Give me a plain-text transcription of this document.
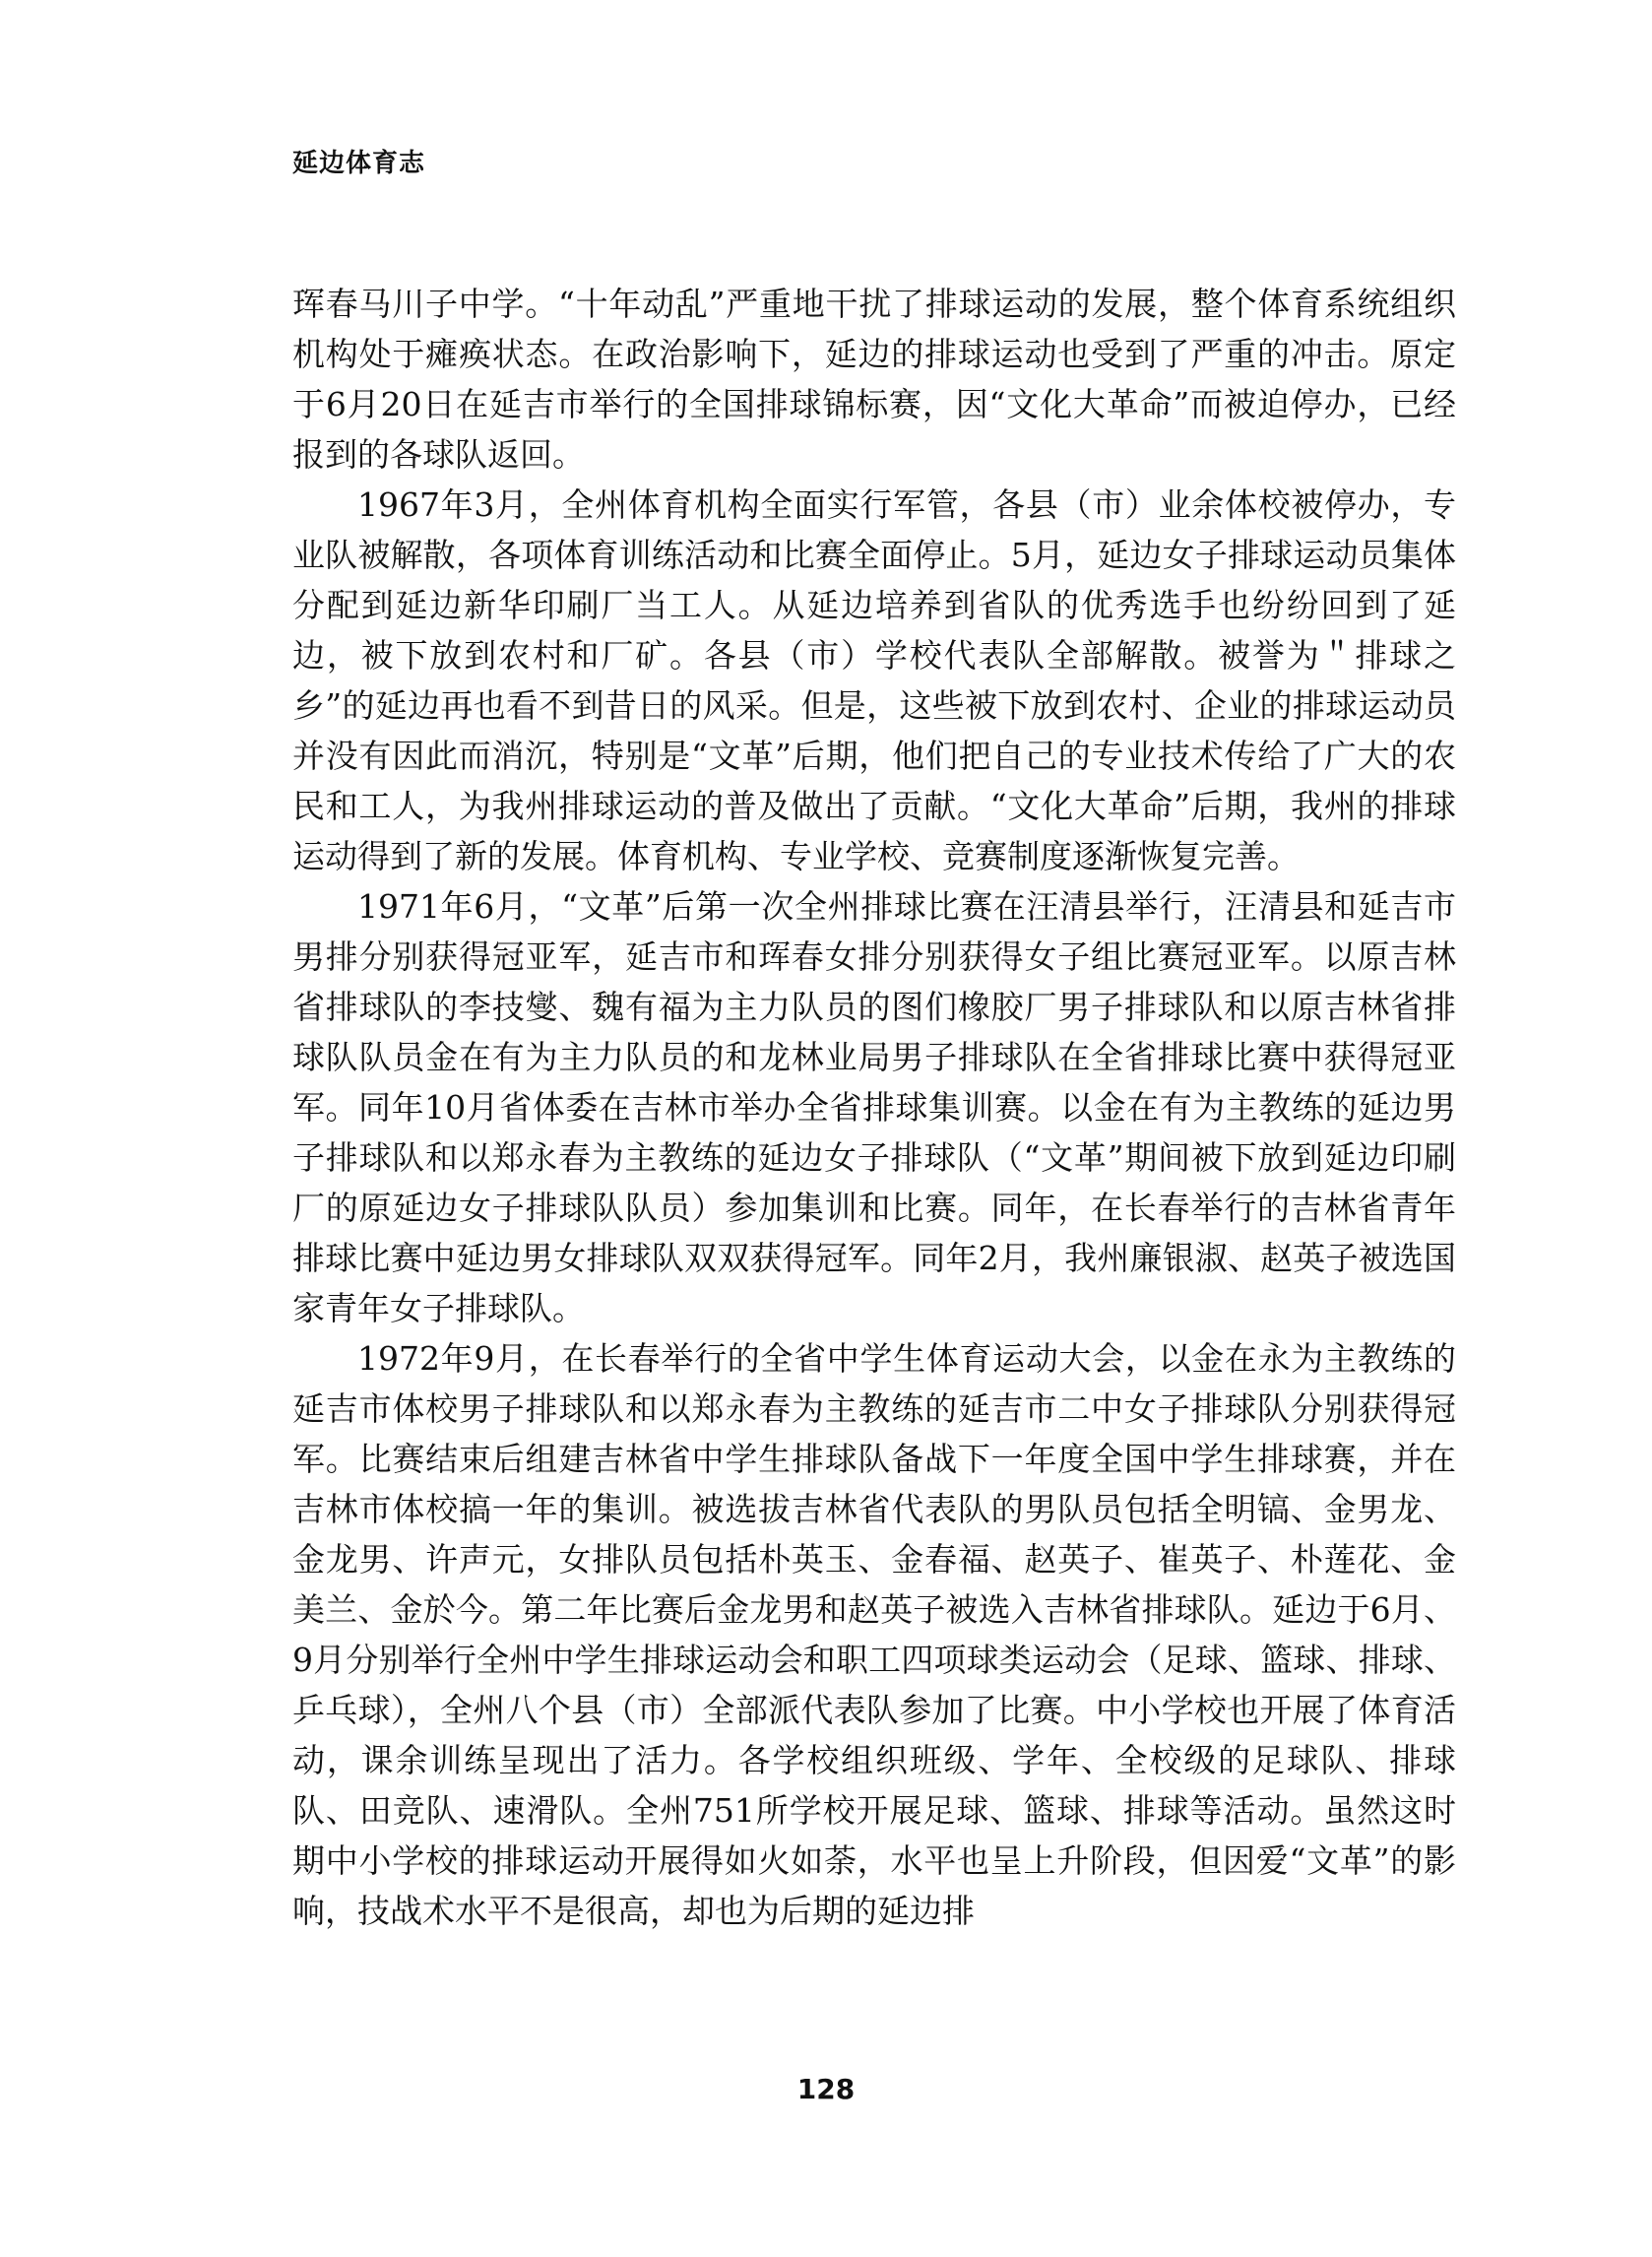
延边体育志

珲春马川子中学。“十年动乱”严重地干扰了排球运动的发展，整个体育系统组织机构处于瘫痪状态。在政治影响下，延边的排球运动也受到了严重的冲击。原定于6月20日在延吉市举行的全国排球锦标赛，因“文化大革命”而被迫停办，已经报到的各球队返回。

1967年3月，全州体育机构全面实行军管，各县（市）业余体校被停办，专业队被解散，各项体育训练活动和比赛全面停止。5月，延边女子排球运动员集体分配到延边新华印刷厂当工人。从延边培养到省队的优秀选手也纷纷回到了延边，被下放到农村和厂矿。各县（市）学校代表队全部解散。被誉为＂排球之乡”的延边再也看不到昔日的风采。但是，这些被下放到农村、企业的排球运动员并没有因此而消沉，特别是“文革”后期，他们把自己的专业技术传给了广大的农民和工人，为我州排球运动的普及做出了贡献。“文化大革命”后期，我州的排球运动得到了新的发展。体育机构、专业学校、竞赛制度逐渐恢复完善。

1971年6月，“文革”后第一次全州排球比赛在汪清县举行，汪清县和延吉市男排分别获得冠亚军，延吉市和珲春女排分别获得女子组比赛冠亚军。以原吉林省排球队的李技燮、魏有福为主力队员的图们橡胶厂男子排球队和以原吉林省排球队队员金在有为主力队员的和龙林业局男子排球队在全省排球比赛中获得冠亚军。同年10月省体委在吉林市举办全省排球集训赛。以金在有为主教练的延边男子排球队和以郑永春为主教练的延边女子排球队（“文革”期间被下放到延边印刷厂的原延边女子排球队队员）参加集训和比赛。同年，在长春举行的吉林省青年排球比赛中延边男女排球队双双获得冠军。同年2月，我州廉银淑、赵英子被选国家青年女子排球队。

1972年9月，在长春举行的全省中学生体育运动大会，以金在永为主教练的延吉市体校男子排球队和以郑永春为主教练的延吉市二中女子排球队分别获得冠军。比赛结束后组建吉林省中学生排球队备战下一年度全国中学生排球赛，并在吉林市体校搞一年的集训。被选拔吉林省代表队的男队员包括全明镐、金男龙、金龙男、许声元，女排队员包括朴英玉、金春福、赵英子、崔英子、朴莲花、金美兰、金於今。第二年比赛后金龙男和赵英子被选入吉林省排球队。延边于6月、9月分别举行全州中学生排球运动会和职工四项球类运动会（足球、篮球、排球、乒乓球），全州八个县（市）全部派代表队参加了比赛。中小学校也开展了体育活动，课余训练呈现出了活力。各学校组织班级、学年、全校级的足球队、排球队、田竞队、速滑队。全州751所学校开展足球、篮球、排球等活动。虽然这时期中小学校的排球运动开展得如火如荼，水平也呈上升阶段，但因爱“文革”的影响，技战术水平不是很高，却也为后期的延边排

128
